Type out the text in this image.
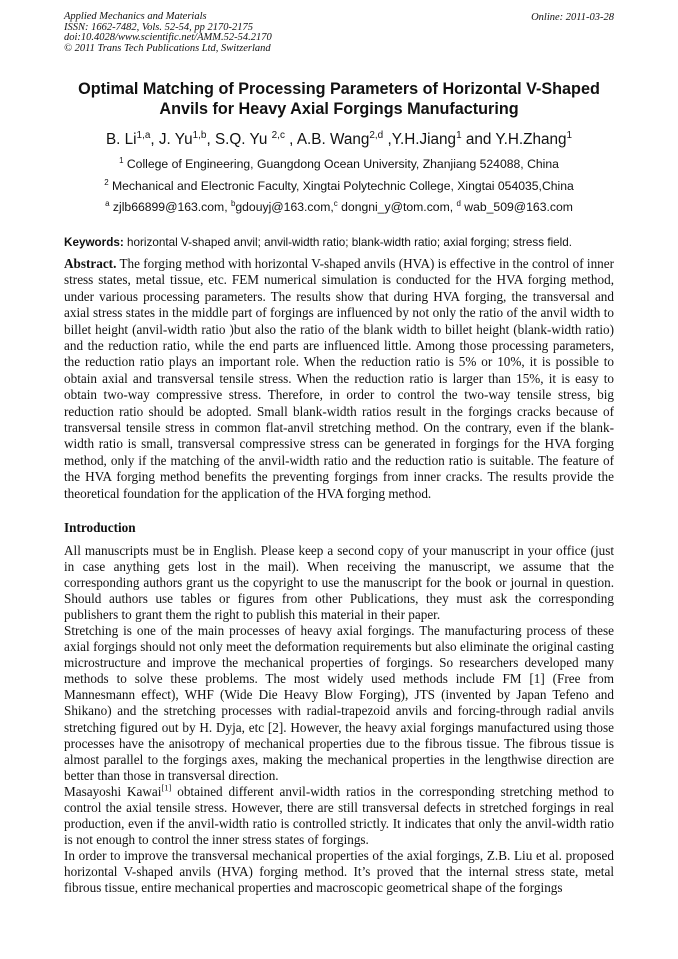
Applied Mechanics and Materials
ISSN: 1662-7482, Vols. 52-54, pp 2170-2175
doi:10.4028/www.scientific.net/AMM.52-54.2170
© 2011 Trans Tech Publications Ltd, Switzerland
Online: 2011-03-28
Optimal Matching of Processing Parameters of Horizontal V-Shaped Anvils for Heavy Axial Forgings Manufacturing
B. Li$^{1,a}$, J. Yu$^{1,b}$, S.Q. Yu $^{2,c}$ , A.B. Wang$^{2,d}$ ,Y.H.Jiang$^1$ and Y.H.Zhang$^1$
$^1$ College of Engineering, Guangdong Ocean University, Zhanjiang 524088, China
$^2$ Mechanical and Electronic Faculty, Xingtai Polytechnic College, Xingtai 054035,China
$^a$ zjlb66899@163.com, $^b$gdouyj@163.com,$^c$ dongni_y@tom.com, $^d$ wab_509@163.com
Keywords: horizontal V-shaped anvil; anvil-width ratio; blank-width ratio; axial forging; stress field.

Abstract. The forging method with horizontal V-shaped anvils (HVA) is effective in the control of inner stress states, metal tissue, etc. FEM numerical simulation is conducted for the HVA forging method, under various processing parameters. The results show that during HVA forging, the transversal and axial stress states in the middle part of forgings are influenced by not only the ratio of the anvil width to billet height (anvil-width ratio )but also the ratio of the blank width to billet height (blank-width ratio) and the reduction ratio, while the end parts are influenced little. Among those processing parameters, the reduction ratio plays an important role. When the reduction ratio is 5% or 10%, it is possible to obtain axial and transversal tensile stress. When the reduction ratio is larger than 15%, it is easy to obtain two-way compressive stress. Therefore, in order to control the two-way tensile stress, big reduction ratio should be adopted. Small blank-width ratios result in the forgings cracks because of transversal tensile stress in common flat-anvil stretching method. On the contrary, even if the blank-width ratio is small, transversal compressive stress can be generated in forgings for the HVA forging method, only if the matching of the anvil-width ratio and the reduction ratio is suitable. The feature of the HVA forging method benefits the preventing forgings from inner cracks. The results provide the theoretical foundation for the application of the HVA forging method.

Introduction

All manuscripts must be in English. Please keep a second copy of your manuscript in your office (just in case anything gets lost in the mail). When receiving the manuscript, we assume that the corresponding authors grant us the copyright to use the manuscript for the book or journal in question. Should authors use tables or figures from other Publications, they must ask the corresponding publishers to grant them the right to publish this material in their paper.

Stretching is one of the main processes of heavy axial forgings. The manufacturing process of these axial forgings should not only meet the deformation requirements but also eliminate the original casting microstructure and improve the mechanical properties of forgings. So researchers developed many methods to solve these problems. The most widely used methods include FM [1] (Free from Mannesmann effect), WHF (Wide Die Heavy Blow Forging), JTS (invented by Japan Tefeno and Shikano) and the stretching processes with radial-trapezoid anvils and forcing-through radial anvils stretching figured out by H. Dyja, etc [2]. However, the heavy axial forgings manufactured using those processes have the anisotropy of mechanical properties due to the fibrous tissue. The fibrous tissue is almost parallel to the forgings axes, making the mechanical properties in the lengthwise direction are better than those in transversal direction.

Masayoshi Kawai[1] obtained different anvil-width ratios in the corresponding stretching method to control the axial tensile stress. However, there are still transversal defects in stretched forgings in real production, even if the anvil-width ratio is controlled strictly. It indicates that only the anvil-width ratio is not enough to control the inner stress states of forgings.

In order to improve the transversal mechanical properties of the axial forgings, Z.B. Liu et al. proposed horizontal V-shaped anvils (HVA) forging method. It’s proved that the internal stress state, metal fibrous tissue, entire mechanical properties and macroscopic geometrical shape of the forgings
